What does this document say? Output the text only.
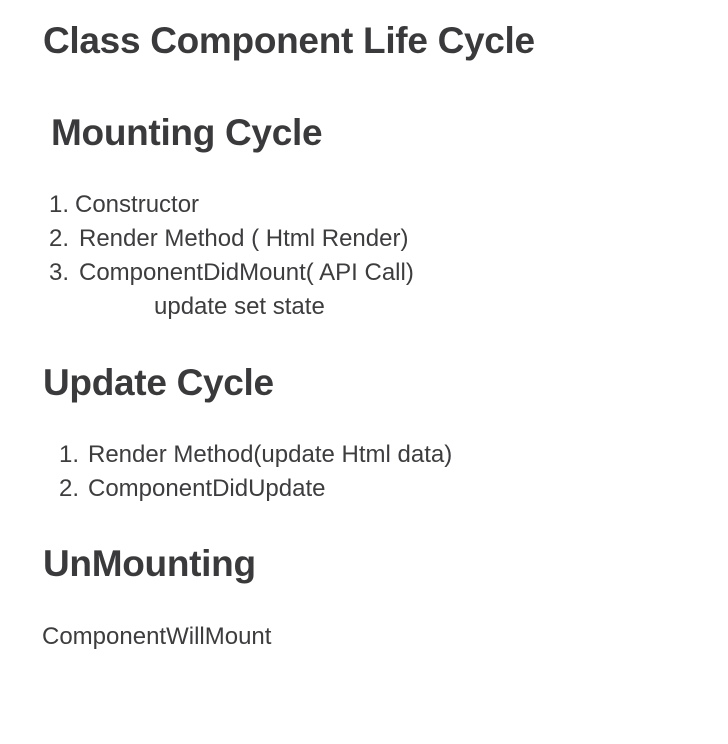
Class Component Life Cycle
Mounting Cycle

1. Constructor

2. Render Method ( Html Render)

3. ComponentDidMount( API Call)

update set state

Update Cycle

1. Render Method(update Html data)

2. ComponentDidUpdate

UnMounting

ComponentWillMount
